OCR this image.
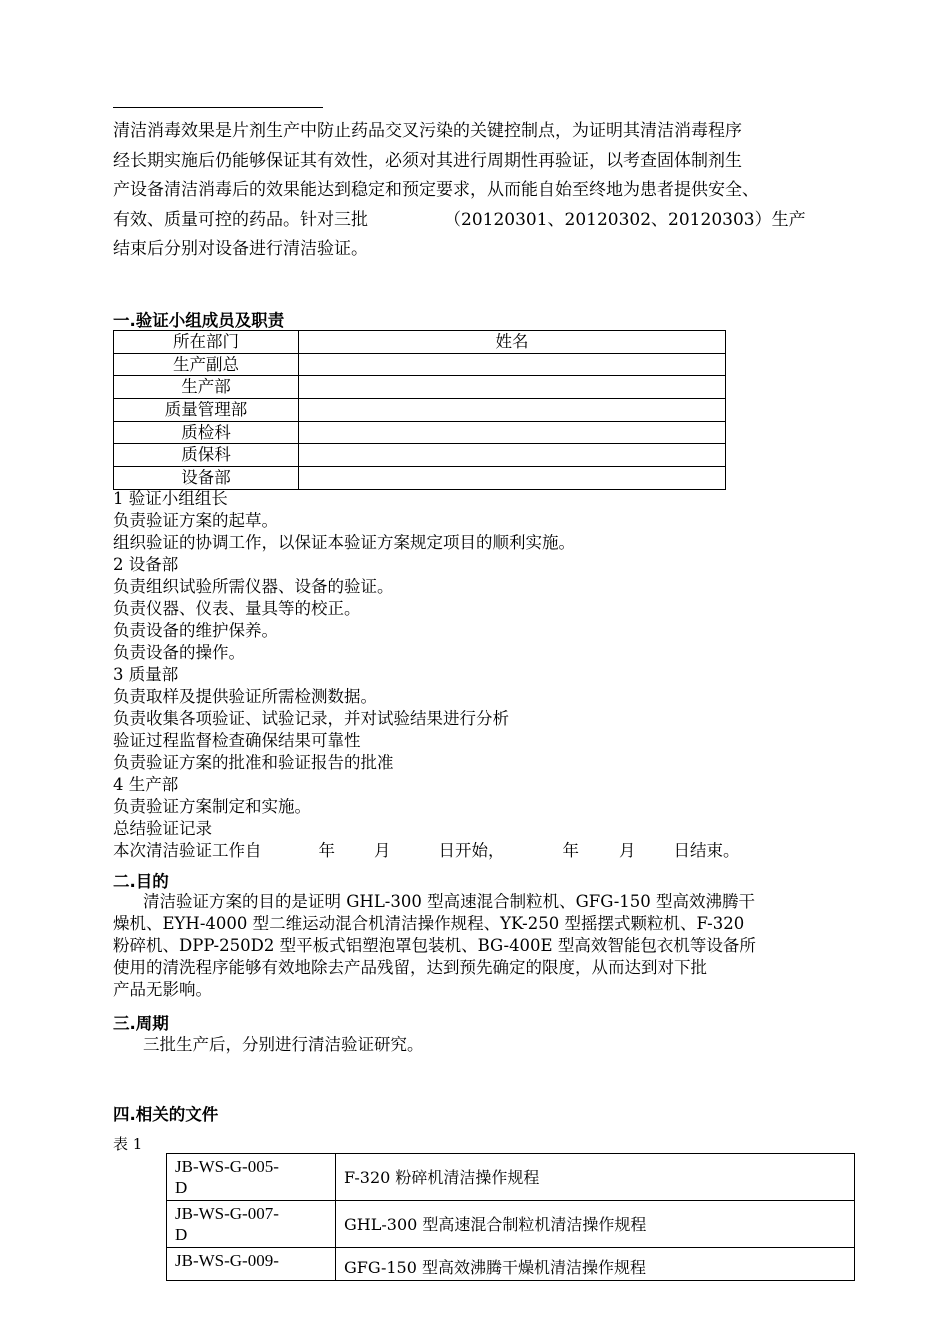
清洁消毒效果是片剂生产中防止药品交叉污染的关键控制点，为证明其清洁消毒程序

经长期实施后仍能够保证其有效性，必须对其进行周期性再验证，以考查固体制剂生

产设备清洁消毒后的效果能达到稳定和预定要求，从而能自始至终地为患者提供安全、

有效、质量可控的药品。针对三批	（20120301、20120302、20120303）生产

结束后分别对设备进行清洁验证。

一.验证小组成员及职责
所在部门	姓名
生产副总	
生产部	
质量管理部	
质检科	
质保科	
设备部	

1 验证小组组长

负责验证方案的起草。

组织验证的协调工作，以保证本验证方案规定项目的顺利实施。

2 设备部

负责组织试验所需仪器、设备的验证。

负责仪器、仪表、量具等的校正。

负责设备的维护保养。

负责设备的操作。

3 质量部

负责取样及提供验证所需检测数据。

负责收集各项验证、试验记录，并对试验结果进行分析

验证过程监督检查确保结果可靠性

负责验证方案的批准和验证报告的批准

4 生产部

负责验证方案制定和实施。

总结验证记录

本次清洁验证工作自	年 月	日开始，	年 月 日结束。

二.目的

清洁验证方案的目的是证明 GHL-300 型高速混合制粒机、GFG-150 型高效沸腾干

燥机、EYH-4000 型二维运动混合机清洁操作规程、YK-250 型摇摆式颗粒机、F-320

粉碎机、DPP-250D2 型平板式铝塑泡罩包装机、BG-400E 型高效智能包衣机等设备所

使用的清洗程序能够有效地除去产品残留，达到预先确定的限度，从而达到对下批

产品无影响。

三.周期

三批生产后，分别进行清洁验证研究。

四.相关的文件
表 1
JB-WS-G-005-
D	F-320 粉碎机清洁操作规程
JB-WS-G-007-
D	GHL-300 型高速混合制粒机清洁操作规程
JB-WS-G-009-	GFG-150 型高效沸腾干燥机清洁操作规程
